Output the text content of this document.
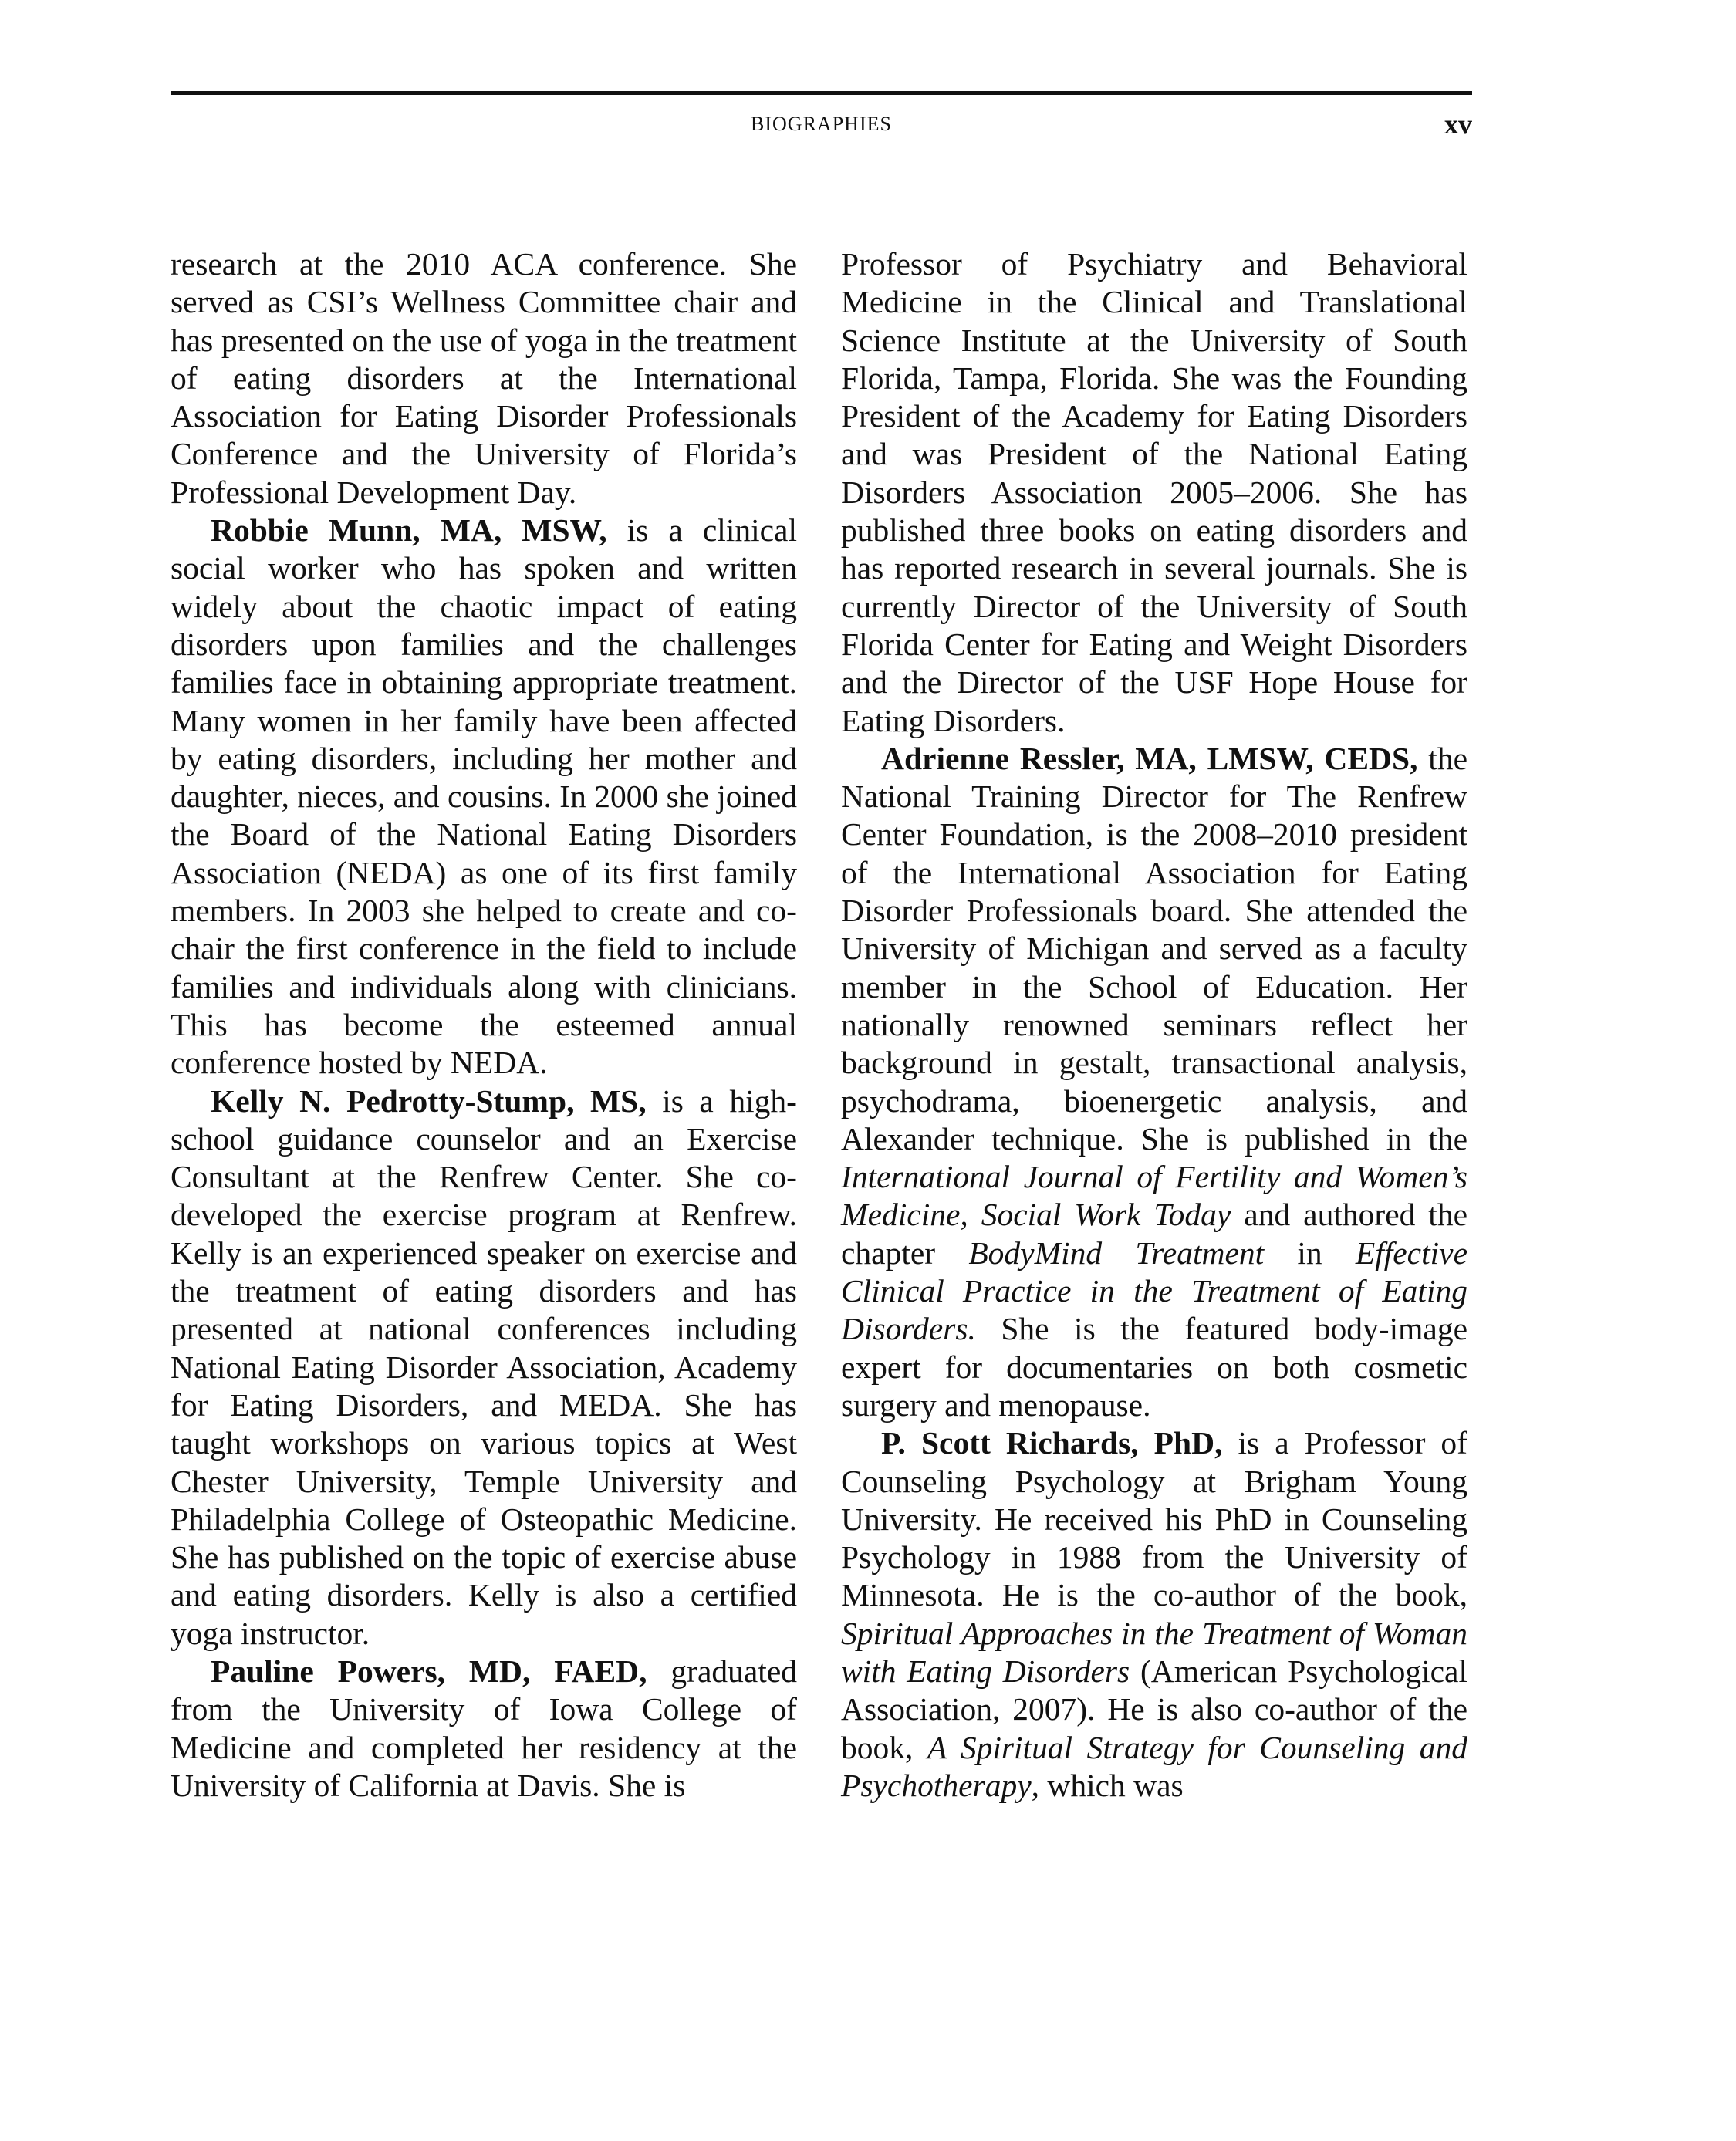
BIOGRAPHIES	xv

research at the 2010 ACA conference. She served as CSI’s Wellness Committee chair and has presented on the use of yoga in the treatment of eating disorders at the International Association for Eating Disorder Professionals Conference and the University of Florida’s Professional Development Day.

Robbie Munn, MA, MSW, is a clinical social worker who has spoken and written widely about the chaotic impact of eating disorders upon families and the challenges families face in obtaining appropriate treatment. Many women in her family have been affected by eating disorders, including her mother and daughter, nieces, and cousins. In 2000 she joined the Board of the National Eating Disorders Association (NEDA) as one of its first family members. In 2003 she helped to create and co-chair the first conference in the field to include families and individuals along with clinicians. This has become the esteemed annual conference hosted by NEDA.

Kelly N. Pedrotty-Stump, MS, is a high-school guidance counselor and an Exercise Consultant at the Renfrew Center. She co-developed the exercise program at Renfrew. Kelly is an experienced speaker on exercise and the treatment of eating disorders and has presented at national conferences including National Eating Disorder Association, Academy for Eating Disorders, and MEDA. She has taught workshops on various topics at West Chester University, Temple University and Philadelphia College of Osteopathic Medicine. She has published on the topic of exercise abuse and eating disorders. Kelly is also a certified yoga instructor.

Pauline Powers, MD, FAED, graduated from the University of Iowa College of Medicine and completed her residency at the University of California at Davis. She is

Professor of Psychiatry and Behavioral Medicine in the Clinical and Translational Science Institute at the University of South Florida, Tampa, Florida. She was the Founding President of the Academy for Eating Disorders and was President of the National Eating Disorders Association 2005–2006. She has published three books on eating disorders and has reported research in several journals. She is currently Director of the University of South Florida Center for Eating and Weight Disorders and the Director of the USF Hope House for Eating Disorders.

Adrienne Ressler, MA, LMSW, CEDS, the National Training Director for The Renfrew Center Foundation, is the 2008–2010 president of the International Association for Eating Disorder Professionals board. She attended the University of Michigan and served as a faculty member in the School of Education. Her nationally renowned seminars reflect her background in gestalt, transactional analysis, psychodrama, bioenergetic analysis, and Alexander technique. She is published in the International Journal of Fertility and Women’s Medicine, Social Work Today and authored the chapter BodyMind Treatment in Effective Clinical Practice in the Treatment of Eating Disorders. She is the featured body-image expert for documentaries on both cosmetic surgery and menopause.

P. Scott Richards, PhD, is a Professor of Counseling Psychology at Brigham Young University. He received his PhD in Counseling Psychology in 1988 from the University of Minnesota. He is the co-author of the book, Spiritual Approaches in the Treatment of Woman with Eating Disorders (American Psychological Association, 2007). He is also co-author of the book, A Spiritual Strategy for Counseling and Psychotherapy, which was
